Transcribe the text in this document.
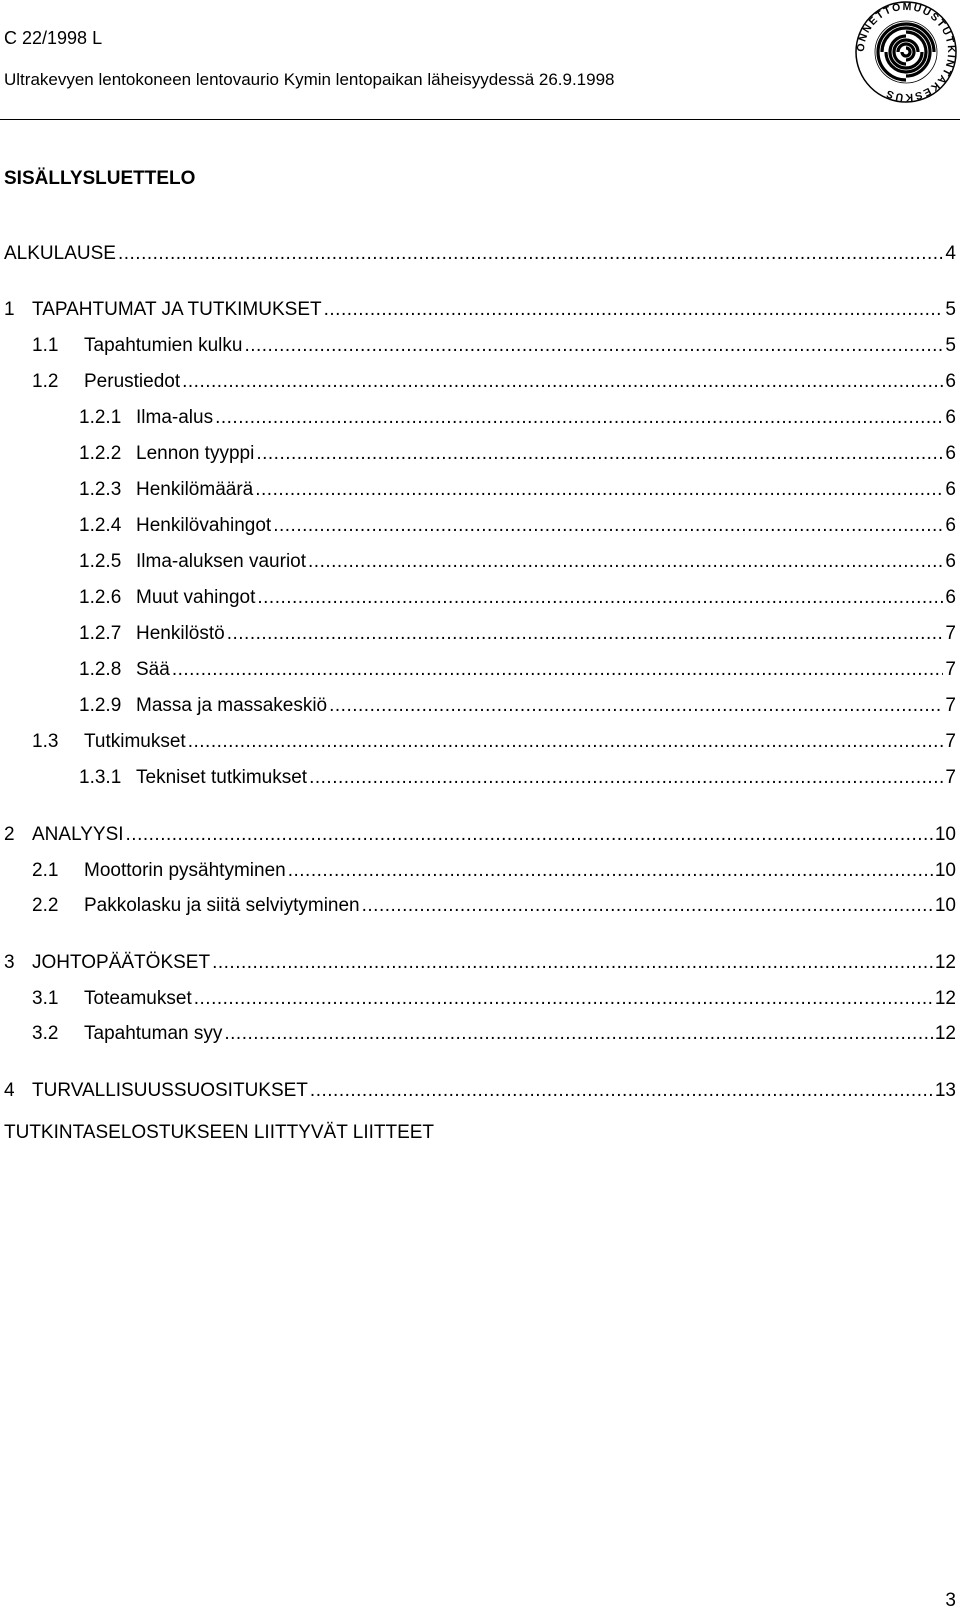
C 22/1998 L
Ultrakevyen lentokoneen lentovaurio Kymin lentopaikan läheisyydessä 26.9.1998
ONNETTOMUUSTUTKINTAKESKUS
SISÄLLYSLUETTELO
ALKULAUSE .....	4
1 TAPAHTUMAT JA TUTKIMUKSET .....	5
1.1 Tapahtumien kulku .....	5
1.2 Perustiedot .....	6
1.2.1 Ilma-alus .....	6
1.2.2 Lennon tyyppi .....	6
1.2.3 Henkilömäärä .....	6
1.2.4 Henkilövahingot .....	6
1.2.5 Ilma-aluksen vauriot .....	6
1.2.6 Muut vahingot .....	6
1.2.7 Henkilöstö .....	7
1.2.8 Sää .....	7
1.2.9 Massa ja massakeskiö .....	7
1.3 Tutkimukset .....	7
1.3.1 Tekniset tutkimukset .....	7
2 ANALYYSI .....	10
2.1 Moottorin pysähtyminen .....	10
2.2 Pakkolasku ja siitä selviytyminen .....	10
3 JOHTOPÄÄTÖKSET .....	12
3.1 Toteamukset .....	12
3.2 Tapahtuman syy .....	12
4 TURVALLISUUSSUOSITUKSET .....	13
TUTKINTASELOSTUKSEEN LIITTYVÄT LIITTEET
3
